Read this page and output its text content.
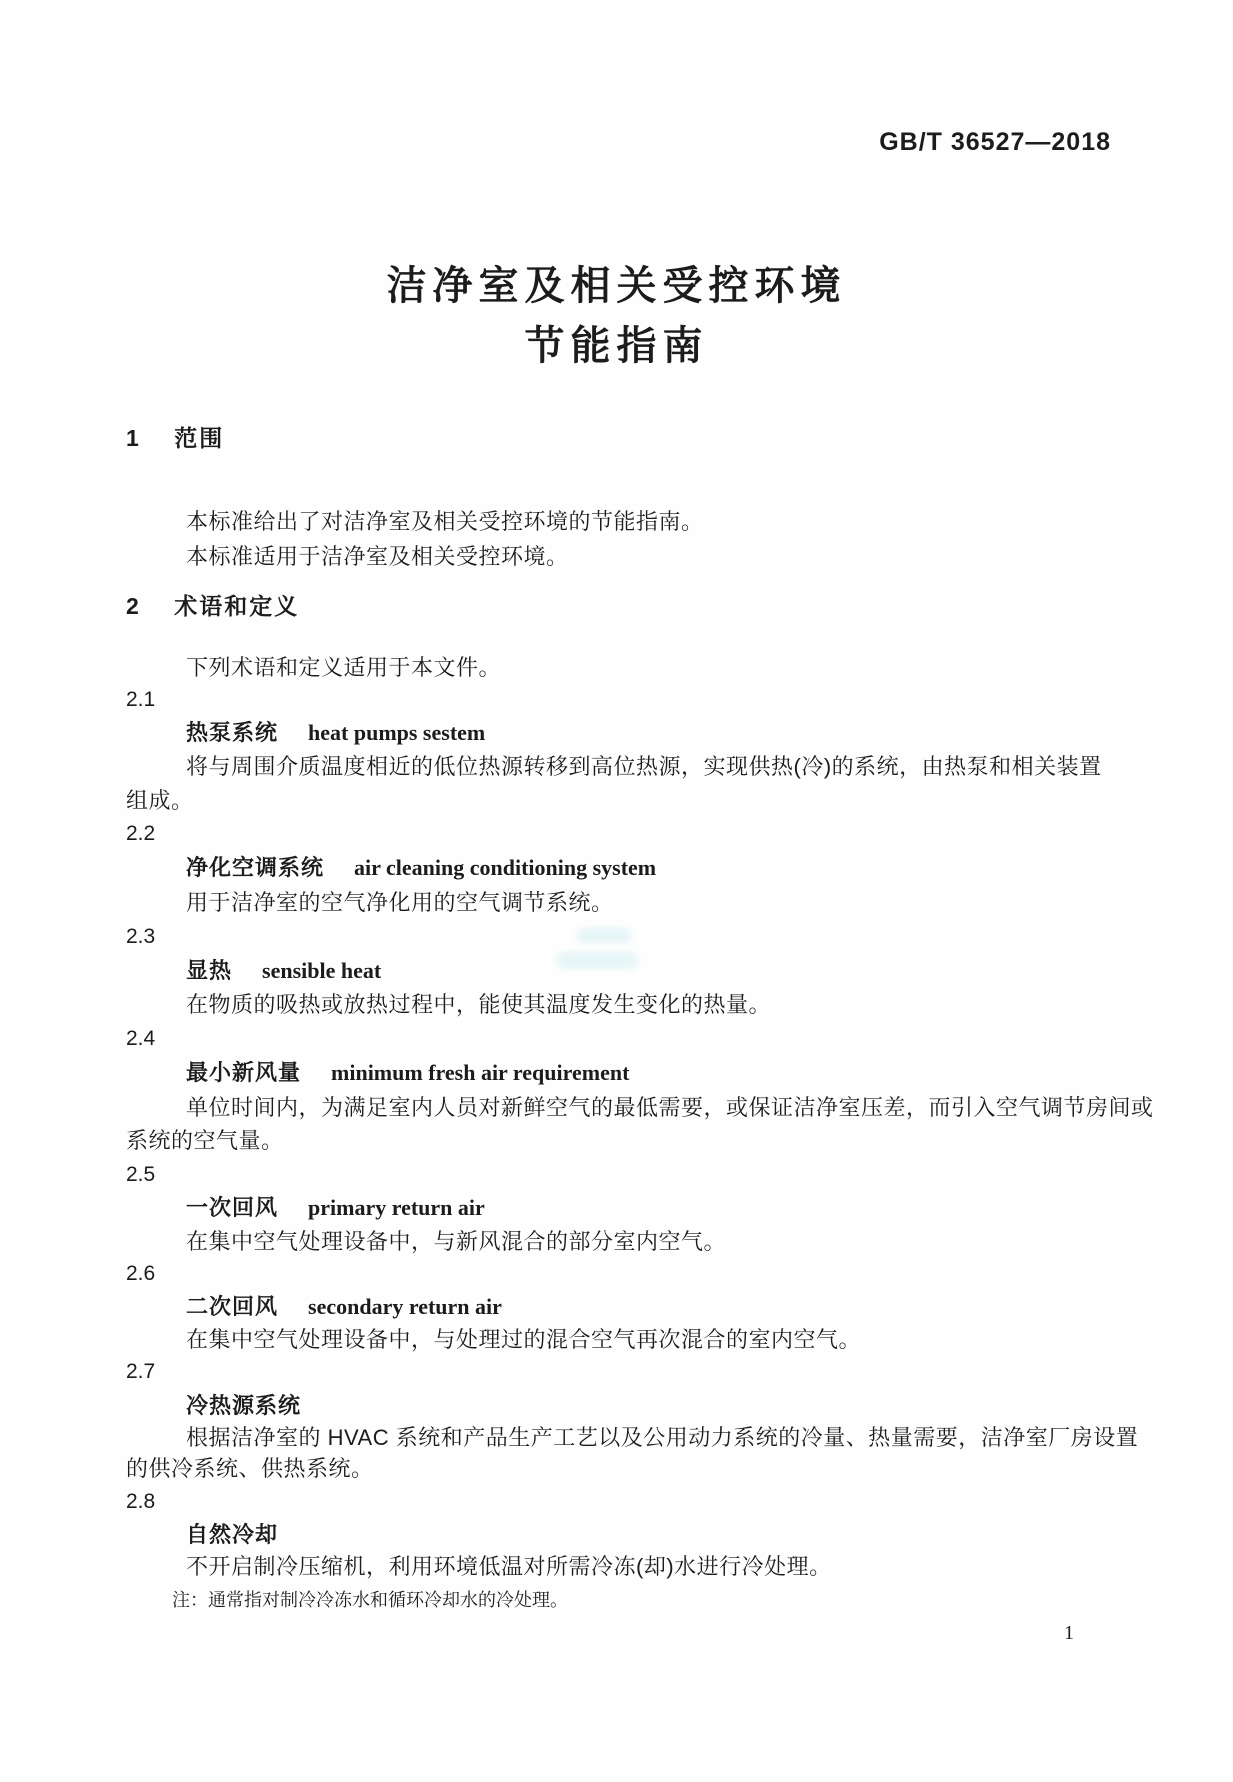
GB/T 36527—2018
洁净室及相关受控环境
节能指南
1 范围
本标准给出了对洁净室及相关受控环境的节能指南。
本标准适用于洁净室及相关受控环境。
2 术语和定义
下列术语和定义适用于本文件。
2.1
热泵系统 heat pumps sestem
将与周围介质温度相近的低位热源转移到高位热源，实现供热(冷)的系统，由热泵和相关装置
组成。
2.2
净化空调系统 air cleaning conditioning system
用于洁净室的空气净化用的空气调节系统。
2.3
显热 sensible heat
在物质的吸热或放热过程中，能使其温度发生变化的热量。
2.4
最小新风量 minimum fresh air requirement
单位时间内，为满足室内人员对新鲜空气的最低需要，或保证洁净室压差，而引入空气调节房间或
系统的空气量。
2.5
一次回风 primary return air
在集中空气处理设备中，与新风混合的部分室内空气。
2.6
二次回风 secondary return air
在集中空气处理设备中，与处理过的混合空气再次混合的室内空气。
2.7
冷热源系统
根据洁净室的 HVAC 系统和产品生产工艺以及公用动力系统的冷量、热量需要，洁净室厂房设置
的供冷系统、供热系统。
2.8
自然冷却
不开启制冷压缩机，利用环境低温对所需冷冻(却)水进行冷处理。
注：通常指对制冷冷冻水和循环冷却水的冷处理。
1
